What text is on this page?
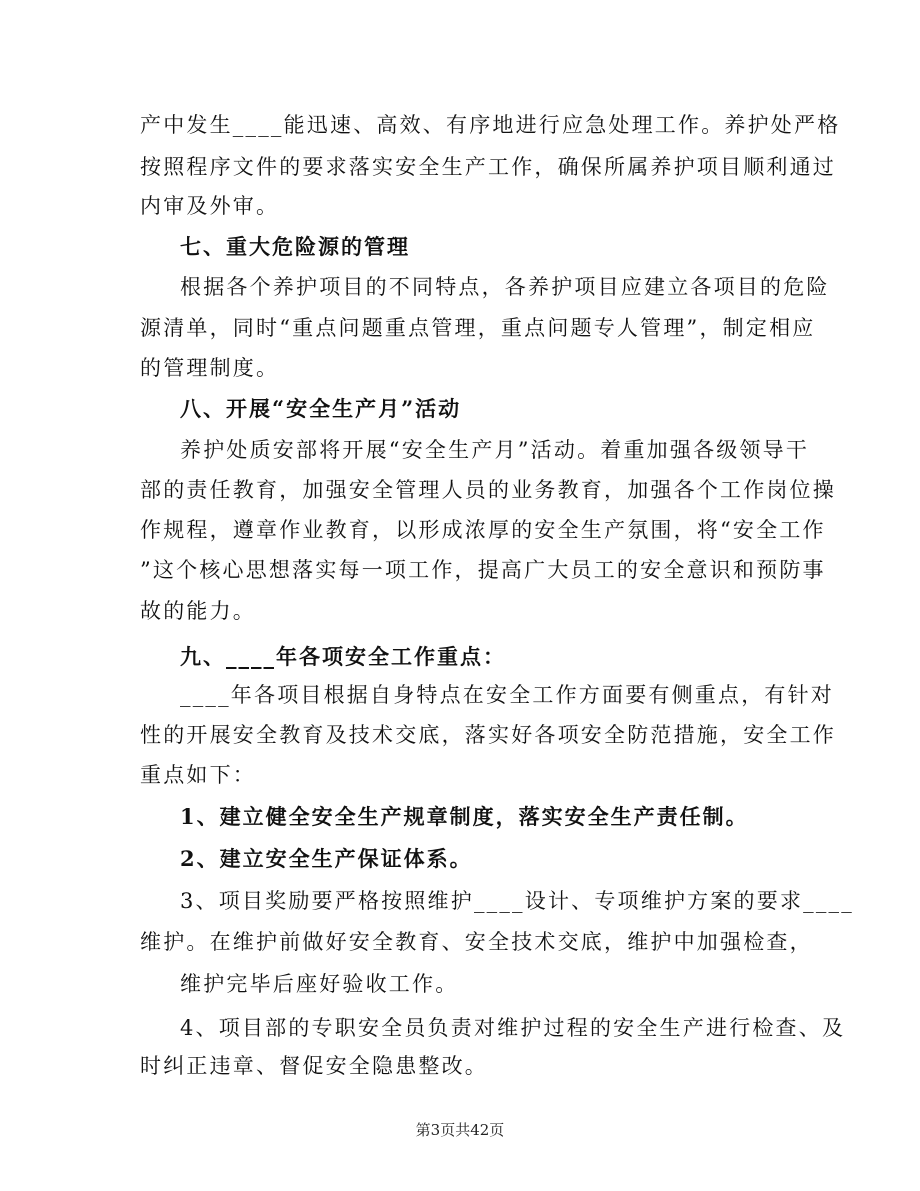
产中发生____能迅速、高效、有序地进行应急处理工作。养护处严格
按照程序文件的要求落实安全生产工作，确保所属养护项目顺利通过
内审及外审。
七、重大危险源的管理
根据各个养护项目的不同特点，各养护项目应建立各项目的危险
源清单，同时“重点问题重点管理，重点问题专人管理”，制定相应
的管理制度。
八、开展“安全生产月”活动
养护处质安部将开展“安全生产月”活动。着重加强各级领导干
部的责任教育，加强安全管理人员的业务教育，加强各个工作岗位操
作规程，遵章作业教育，以形成浓厚的安全生产氛围，将“安全工作
”这个核心思想落实每一项工作，提高广大员工的安全意识和预防事
故的能力。
九、____年各项安全工作重点：
____年各项目根据自身特点在安全工作方面要有侧重点，有针对
性的开展安全教育及技术交底，落实好各项安全防范措施，安全工作
重点如下：
1、建立健全安全生产规章制度，落实安全生产责任制。
2、建立安全生产保证体系。
3、项目奖励要严格按照维护____设计、专项维护方案的要求____
维护。在维护前做好安全教育、安全技术交底，维护中加强检查，
维护完毕后座好验收工作。
4、项目部的专职安全员负责对维护过程的安全生产进行检查、及
时纠正违章、督促安全隐患整改。
第3页共42页
